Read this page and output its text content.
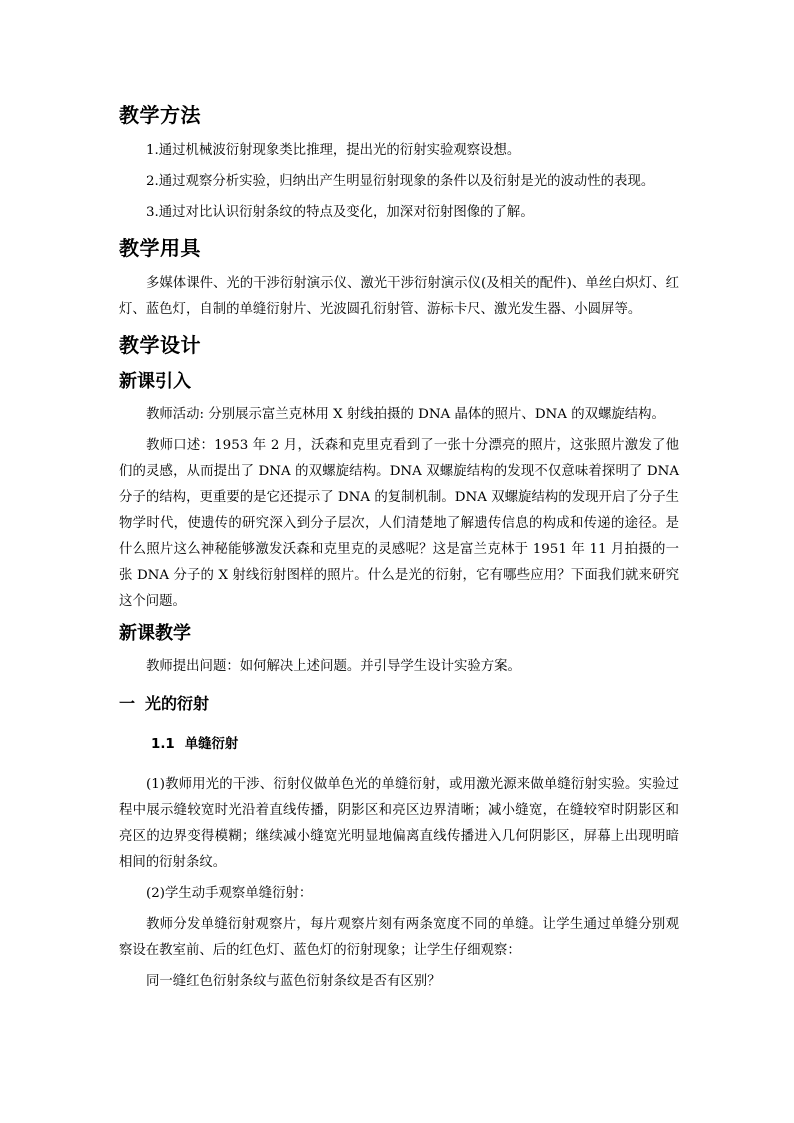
教学方法

1.通过机械波衍射现象类比推理，提出光的衍射实验观察设想。

2.通过观察分析实验，归纳出产生明显衍射现象的条件以及衍射是光的波动性的表现。

3.通过对比认识衍射条纹的特点及变化，加深对衍射图像的了解。

教学用具

多媒体课件、光的干涉衍射演示仪、激光干涉衍射演示仪(及相关的配件)、单丝白炽灯、红灯、蓝色灯，自制的单缝衍射片、光波圆孔衍射管、游标卡尺、激光发生器、小圆屏等。

教学设计
新课引入

教师活动: 分别展示富兰克林用 X 射线拍摄的 DNA 晶体的照片、DNA 的双螺旋结构。

教师口述：1953 年 2 月，沃森和克里克看到了一张十分漂亮的照片，这张照片激发了他们的灵感，从而提出了 DNA 的双螺旋结构。DNA 双螺旋结构的发现不仅意味着探明了 DNA 分子的结构，更重要的是它还提示了 DNA 的复制机制。DNA 双螺旋结构的发现开启了分子生物学时代，使遗传的研究深入到分子层次，人们清楚地了解遗传信息的构成和传递的途径。是什么照片这么神秘能够激发沃森和克里克的灵感呢？这是富兰克林于 1951 年 11 月拍摄的一张 DNA 分子的 X 射线衍射图样的照片。什么是光的衍射，它有哪些应用？下面我们就来研究这个问题。

新课教学

教师提出问题：如何解决上述问题。并引导学生设计实验方案。

一 光的衍射
1.1 单缝衍射

(1)教师用光的干涉、衍射仪做单色光的单缝衍射，或用激光源来做单缝衍射实验。实验过程中展示缝较宽时光沿着直线传播，阴影区和亮区边界清晰；减小缝宽，在缝较窄时阴影区和亮区的边界变得模糊；继续减小缝宽光明显地偏离直线传播进入几何阴影区，屏幕上出现明暗相间的衍射条纹。

(2)学生动手观察单缝衍射：

教师分发单缝衍射观察片，每片观察片刻有两条宽度不同的单缝。让学生通过单缝分别观察设在教室前、后的红色灯、蓝色灯的衍射现象；让学生仔细观察：

同一缝红色衍射条纹与蓝色衍射条纹是否有区别？
